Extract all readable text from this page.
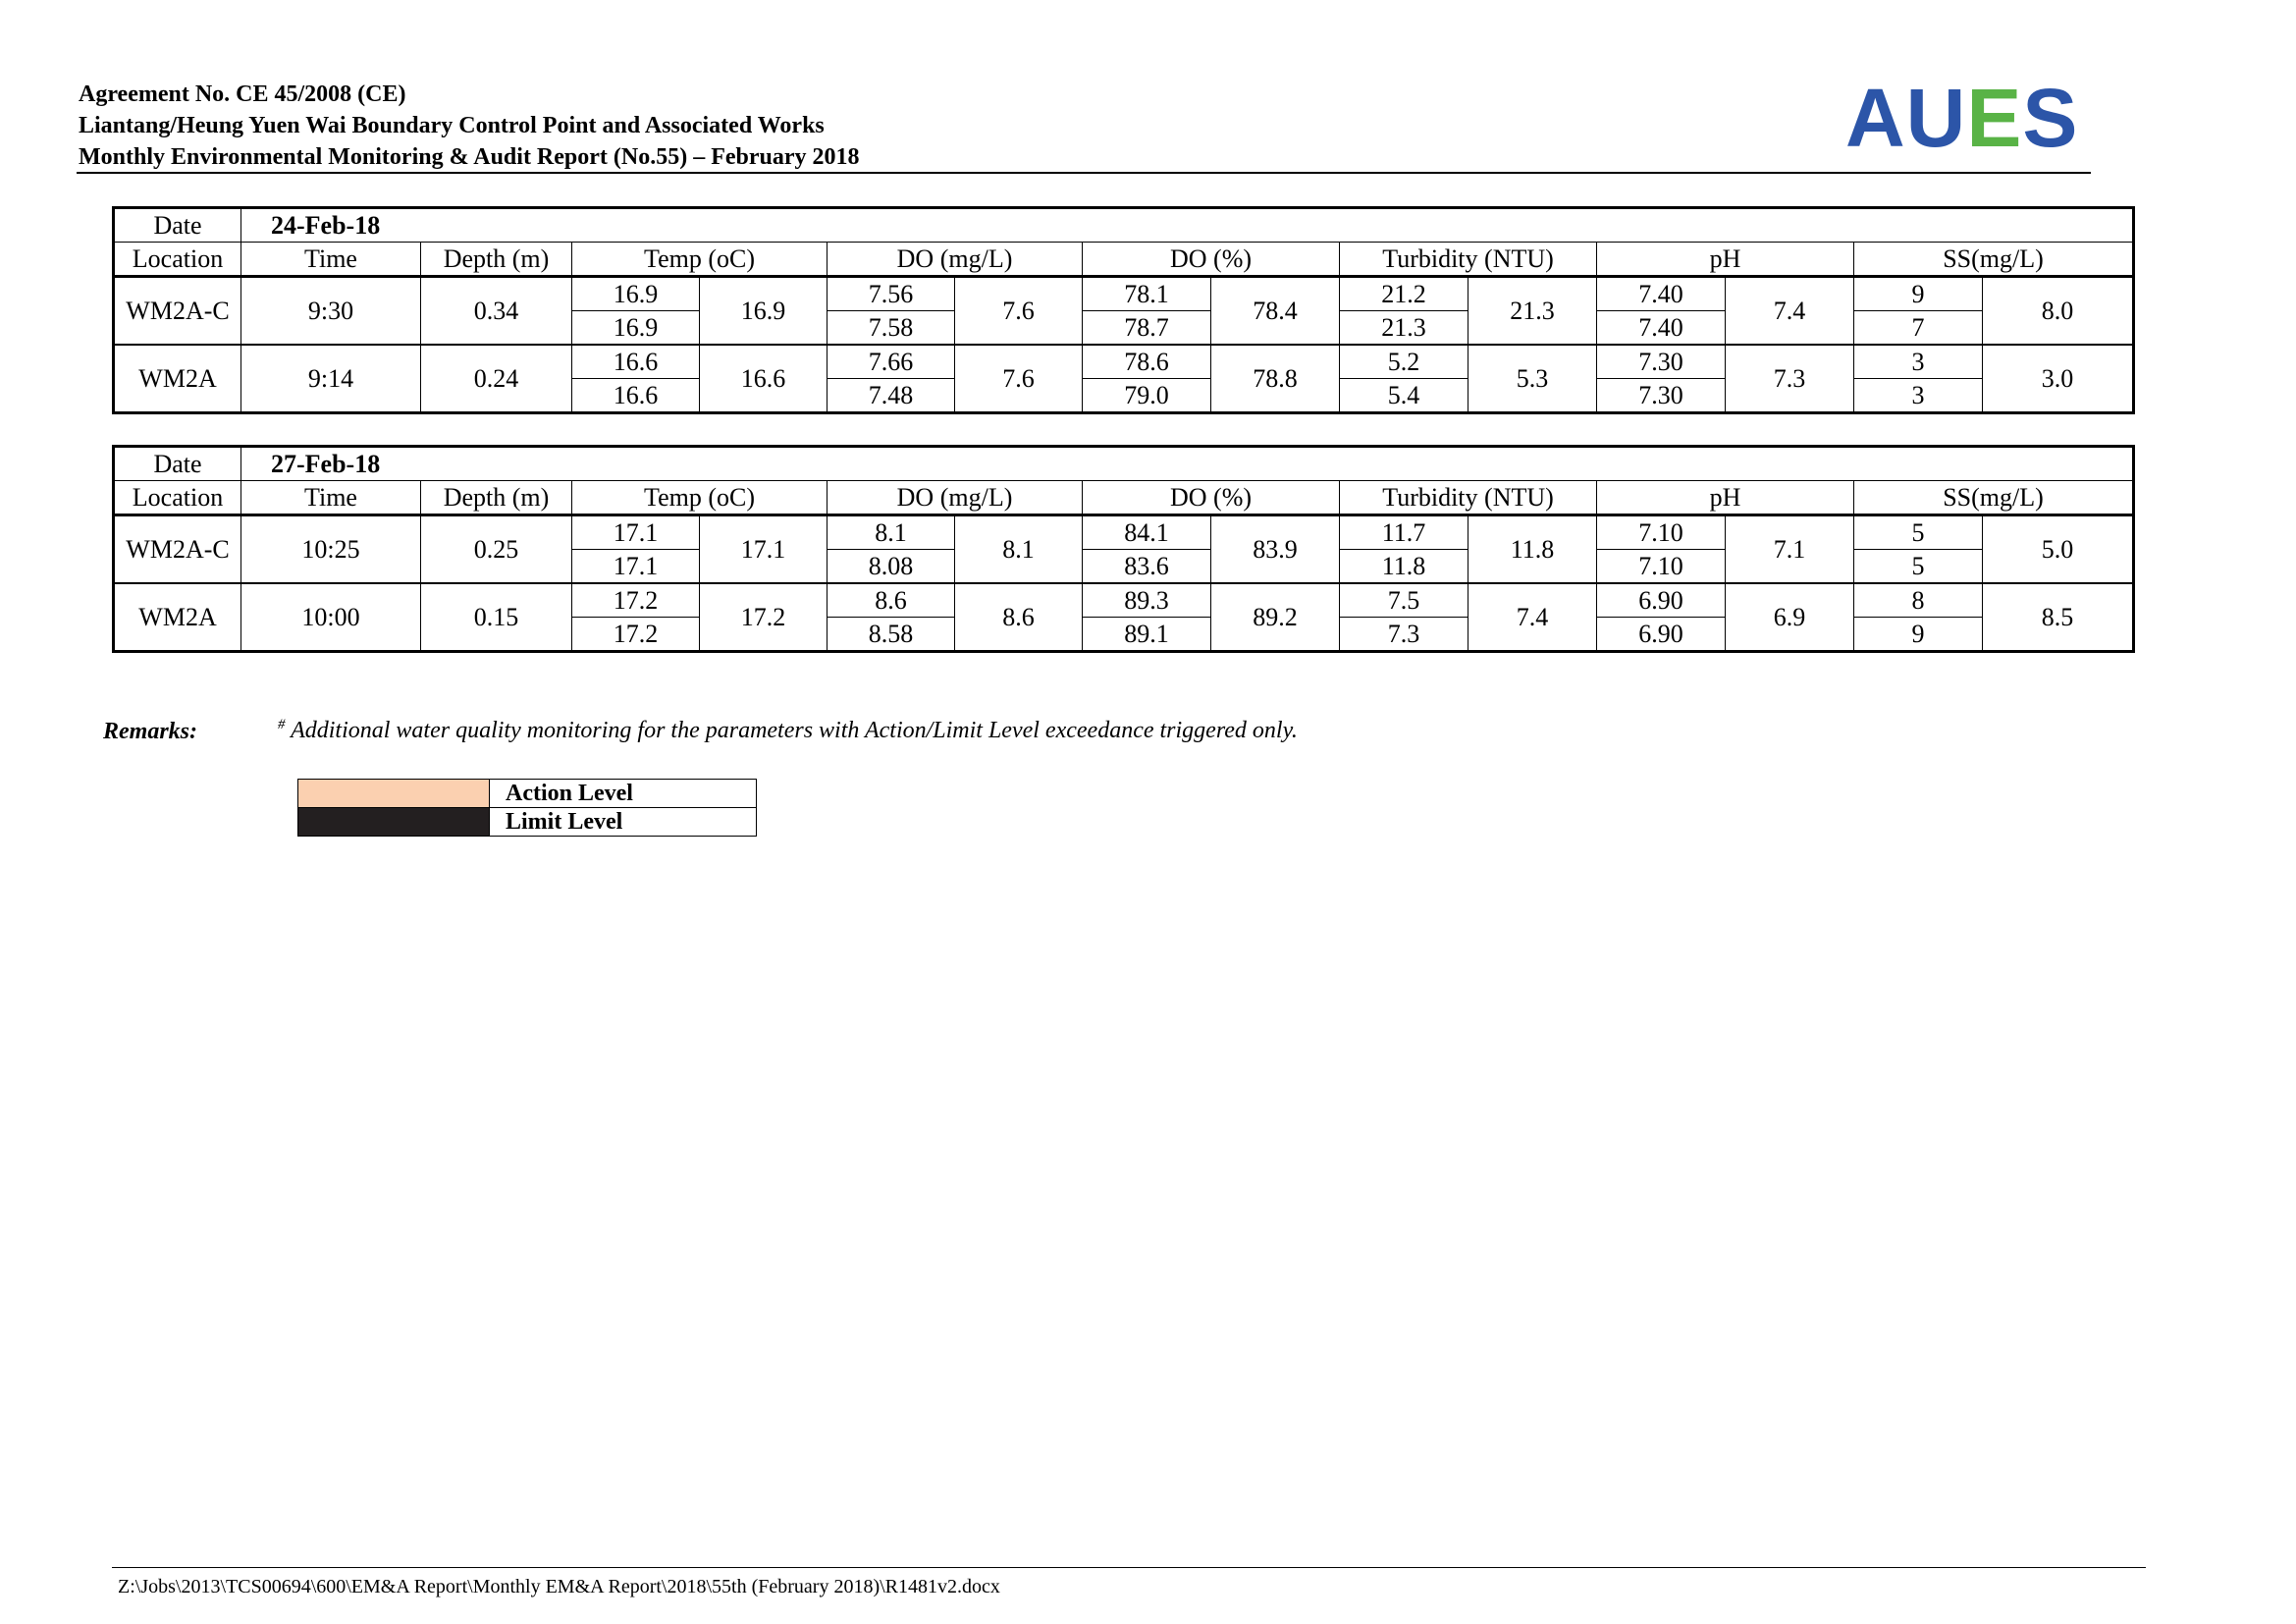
Agreement No. CE 45/2008 (CE)
Liantang/Heung Yuen Wai Boundary Control Point and Associated Works
Monthly Environmental Monitoring & Audit Report (No.55) – February 2018	AUES
Date	24-Feb-18													
Location	Time	Depth (m)	Temp (oC)		DO (mg/L)		DO (%)		Turbidity (NTU)		pH		SS(mg/L)	
WM2A-C	9:30	0.34	16.9	16.9	7.56	7.6	78.1	78.4	21.2	21.3	7.40	7.4	9	8.0
			16.9		7.58		78.7		21.3		7.40		7	
WM2A	9:14	0.24	16.6	16.6	7.66	7.6	78.6	78.8	5.2	5.3	7.30	7.3	3	3.0
			16.6		7.48		79.0		5.4		7.30		3	
Date	27-Feb-18													
Location	Time	Depth (m)	Temp (oC)		DO (mg/L)		DO (%)		Turbidity (NTU)		pH		SS(mg/L)	
WM2A-C	10:25	0.25	17.1	17.1	8.1	8.1	84.1	83.9	11.7	11.8	7.10	7.1	5	5.0
			17.1		8.08		83.6		11.8		7.10		5	
WM2A	10:00	0.15	17.2	17.2	8.6	8.6	89.3	89.2	7.5	7.4	6.90	6.9	8	8.5
			17.2		8.58		89.1		7.3		6.90		9	
Remarks:	# Additional water quality monitoring for the parameters with Action/Limit Level exceedance triggered only.
	Action Level
	Limit Level
Z:\Jobs\2013\TCS00694\600\EM&A Report\Monthly EM&A Report\2018\55th (February 2018)\R1481v2.docx
